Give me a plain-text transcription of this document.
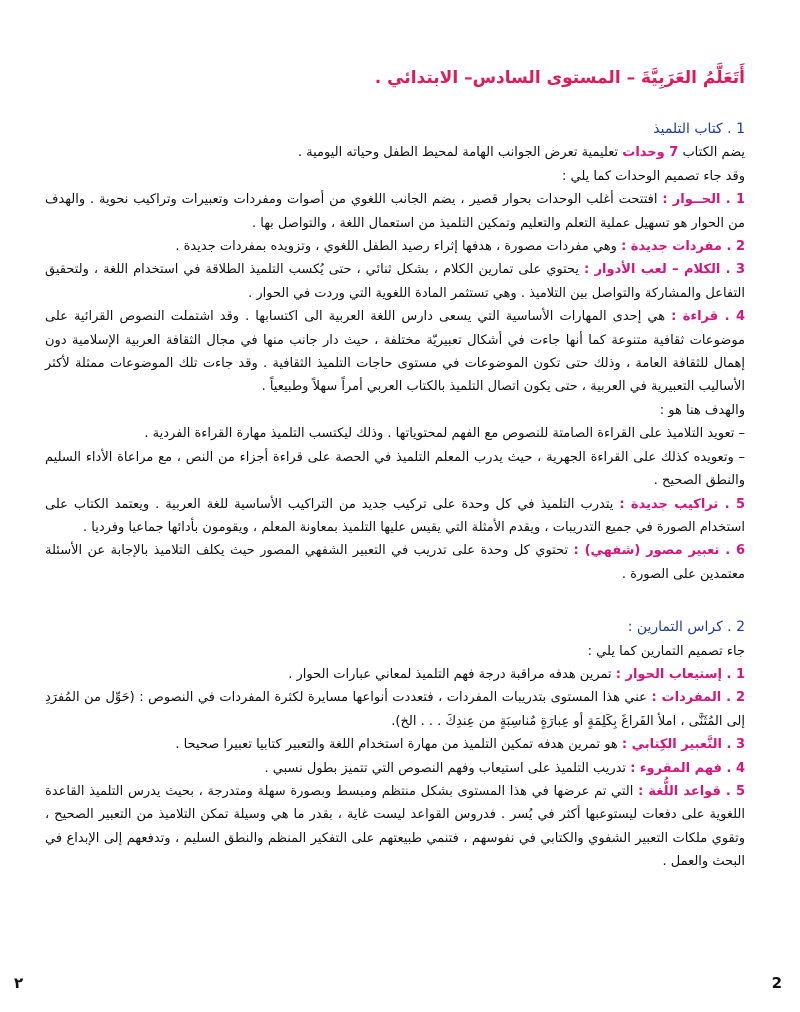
أَتَعَلَّمُ العَرَبِيَّةَ – المستوى السادس– الابتدائي .

1 . كتاب التلميذ

يضم الكتاب 7 وحدات تعليمية تعرض الجوانب الهامة لمحيط الطفل وحياته اليومية .

وقد جاء تصميم الوحدات كما يلي :

1 . الحــوار : افتتحت أغلب الوحدات بحوار قصير ، يضم الجانب اللغوي من أصوات ومفردات وتعبيرات وتراكيب نحوية . والهدف من الحوار هو تسهيل عملية التعلم والتعليم وتمكين التلميذ من استعمال اللغة ، والتواصل بها .

2 . مفردات جديدة : وهي مفردات مصورة ، هدفها إثراء رصيد الطفل اللغوي ، وتزويده بمفردات جديدة .

3 . الكلام – لعب الأدوار : يحتوي على تمارين الكلام ، بشكل ثنائي ، حتى يُكسب التلميذ الطلاقة في استخدام اللغة ، ولتحقيق التفاعل والمشاركة والتواصل بين التلاميذ . وهي تستثمر المادة اللغوية التي وردت في الحوار .

4 . قراءة : هي إحدى المهارات الأساسية التي يسعى دارس اللغة العربية الى اكتسابها . وقد اشتملت النصوص القرائية على موضوعات ثقافية متنوعة كما أنها جاءت في أشكال تعبيريّة مختلفة ، حيث دار جانب منها في مجال الثقافة العربية الإسلامية دون إهمال للثقافة العامة ، وذلك حتى تكون الموضوعات في مستوى حاجات التلميذ الثقافية . وقد جاءت تلك الموضوعات ممثلة لأكثر الأساليب التعبيرية في العربية ، حتى يكون اتصال التلميذ بالكتاب العربي أمراً سهلاً وطبيعياً .

والهدف هنا هو :

– تعويد التلاميذ على القراءة الصامتة للنصوص مع الفهم لمحتوياتها . وذلك ليكتسب التلميذ مهارة القراءة الفردية .

– وتعويده كذلك على القراءة الجهرية ، حيث يدرب المعلم التلميذ في الحصة على قراءة أجزاء من النص ، مع مراعاة الأداء السليم والنطق الصحيح .

5 . تراكيب جديدة : يتدرب التلميذ في كل وحدة على تركيب جديد من التراكيب الأساسية للغة العربية . ويعتمد الكتاب على استخدام الصورة في جميع التدريبات ، ويقدم الأمثلة التي يقيس عليها التلميذ بمعاونة المعلم ، ويقومون بأدائها جماعيا وفرديا .

6 . تعبير مصور (شفهي) : تحتوي كل وحدة على تدريب في التعبير الشفهي المصور حيث يكلف التلاميذ بالإجابة عن الأسئلة معتمدين على الصورة .

2 . كراس التمارين :

جاء تصميم التمارين كما يلي :

1 . إستيعاب الحوار : تمرين هدفه مراقبة درجة فهم التلميذ لمعاني عبارات الحوار .

2 . المفردات : عني هذا المستوى بتدريبات المفردات ، فتعددت أنواعها مسايرة لكثرة المفردات في النصوص : (حَوِّل من المُفرَدِ إلى المُثَنَّى ، املأ الفَراغَ بِكَلِمَةٍ أو عِبارَةٍ مُناسِبَةٍ من عِندِكَ . . . الخ).

3 . التَّعبير الكِتابي : هو تمرين هدفه تمكين التلميذ من مهارة استخدام اللغة والتعبير كتابيا تعبيرا صحيحا .

4 . فهم المقروء : تدريب التلميذ على استيعاب وفهم النصوص التي تتميز بطول نسبي .

5 . قواعد اللُّغة : التي تم عرضها في هذا المستوى بشكل منتظم ومبسط وبصورة سهلة ومتدرجة ، بحيث يدرس التلميذ القاعدة اللغوية على دفعات ليستوعبها أكثر في يُسر . فدروس القواعد ليست غاية ، بقدر ما هي وسيلة تمكن التلاميذ من التعبير الصحيح ، وتقوي ملكات التعبير الشفوي والكتابي في نفوسهم ، فتنمي طبيعتهم على التفكير المنظم والنطق السليم ، وتدفعهم إلى الإبداع في البحث والعمل .

2
٢
